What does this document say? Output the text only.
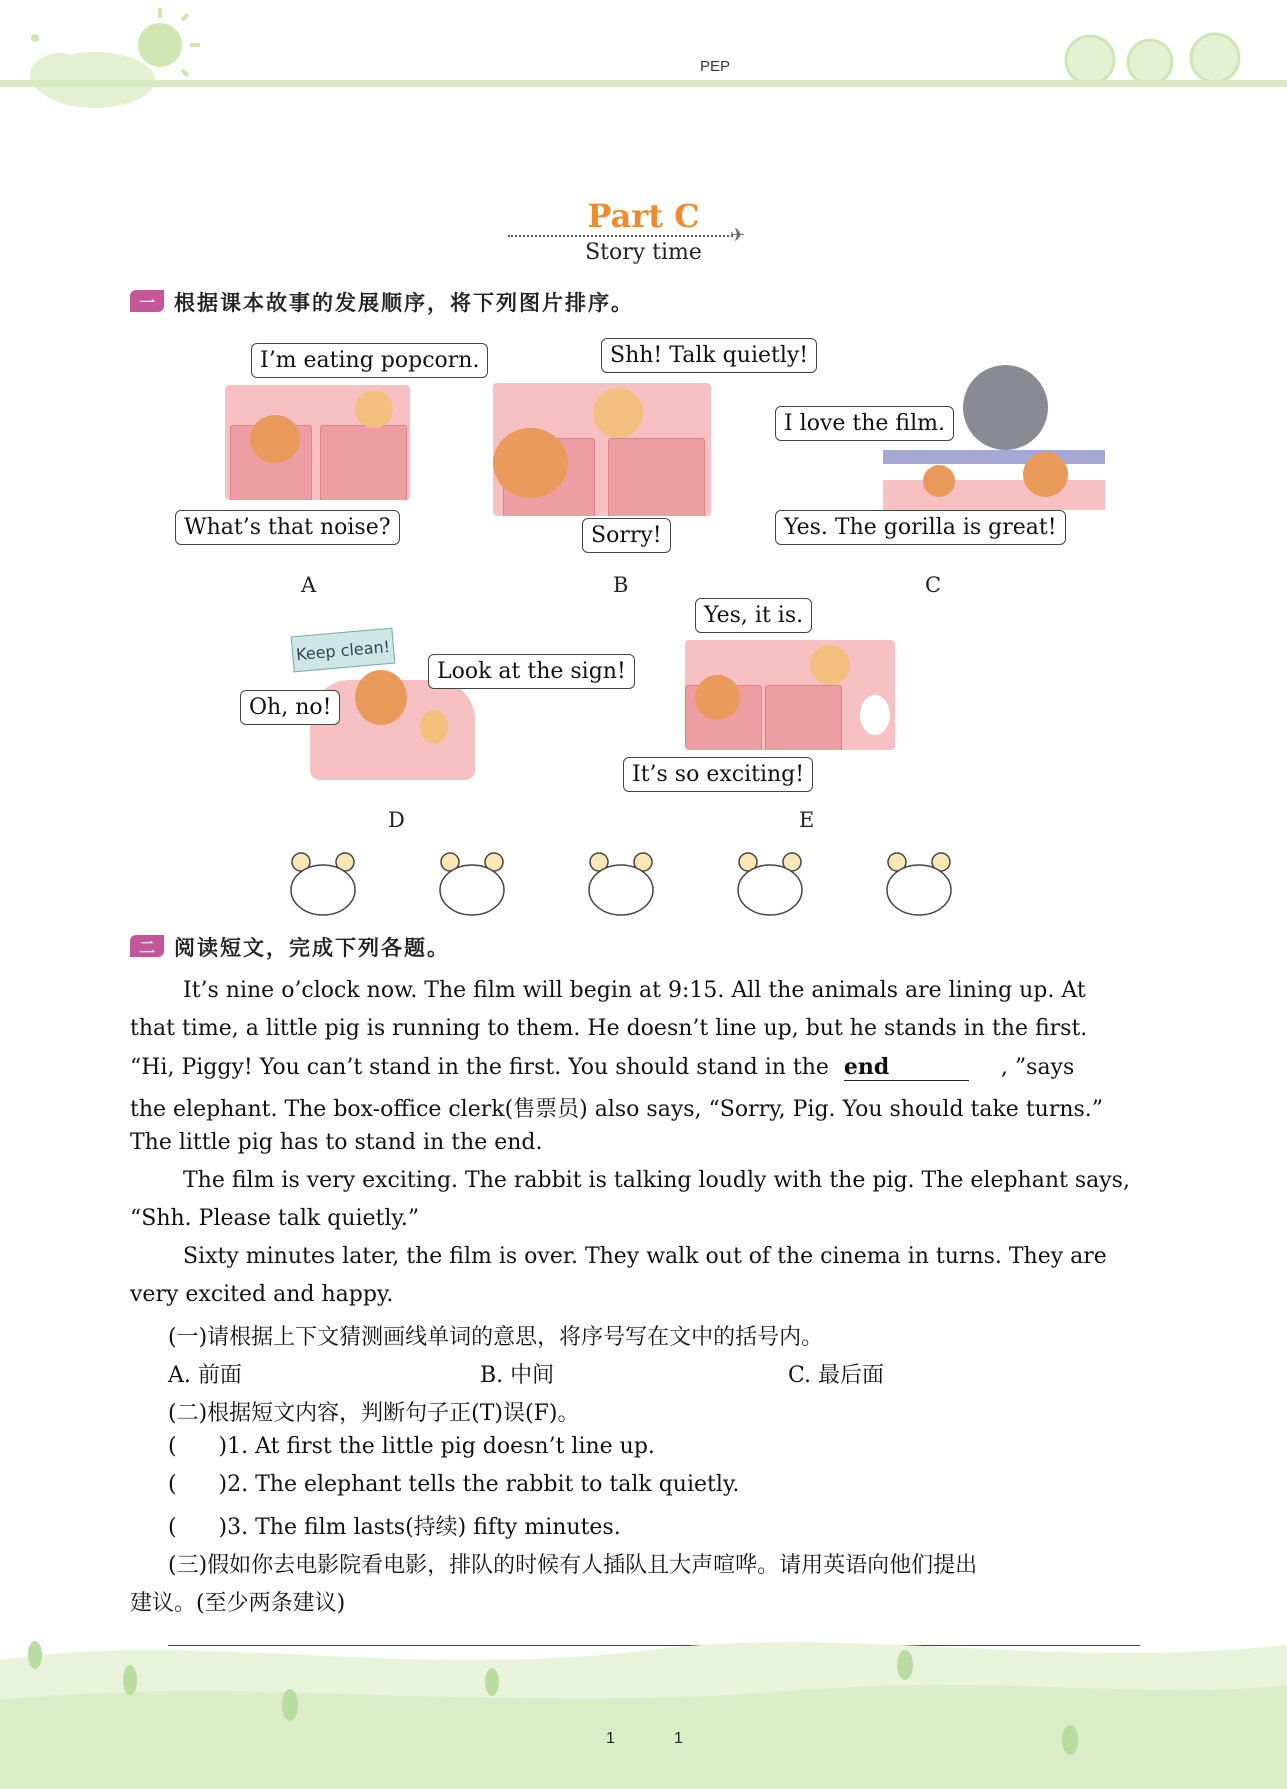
PEP
Part C
✈
Story time
一 根据课本故事的发展顺序，将下列图片排序。
I’m eating popcorn.
What’s that noise?
A
Shh! Talk quietly!
Sorry!
B
I love the film.
Yes. The gorilla is great!
C
Keep clean!
Oh, no!
Look at the sign!
D
Yes, it is.
It’s so exciting!
E
二 阅读短文，完成下列各题。
It’s nine o’clock now. The film will begin at 9:15. All the animals are lining up. At
that time, a little pig is running to them. He doesn’t line up, but he stands in the first.
“Hi, Piggy! You can’t stand in the first. You should stand in the end	, ”says
the elephant. The box-office clerk(售票员) also says, “Sorry, Pig. You should take turns.”
The little pig has to stand in the end.
The film is very exciting. The rabbit is talking loudly with the pig. The elephant says,
“Shh. Please talk quietly.”
Sixty minutes later, the film is over. They walk out of the cinema in turns. They are
very excited and happy.
(一)请根据上下文猜测画线单词的意思，将序号写在文中的括号内。
A. 前面	B. 中间	C. 最后面
(二)根据短文内容，判断句子正(T)误(F)。
(      )1. At first the little pig doesn’t line up.
(      )2. The elephant tells the rabbit to talk quietly.
(      )3. The film lasts(持续) fifty minutes.
(三)假如你去电影院看电影，排队的时候有人插队且大声喧哗。请用英语向他们提出
建议。(至少两条建议)
1	1
